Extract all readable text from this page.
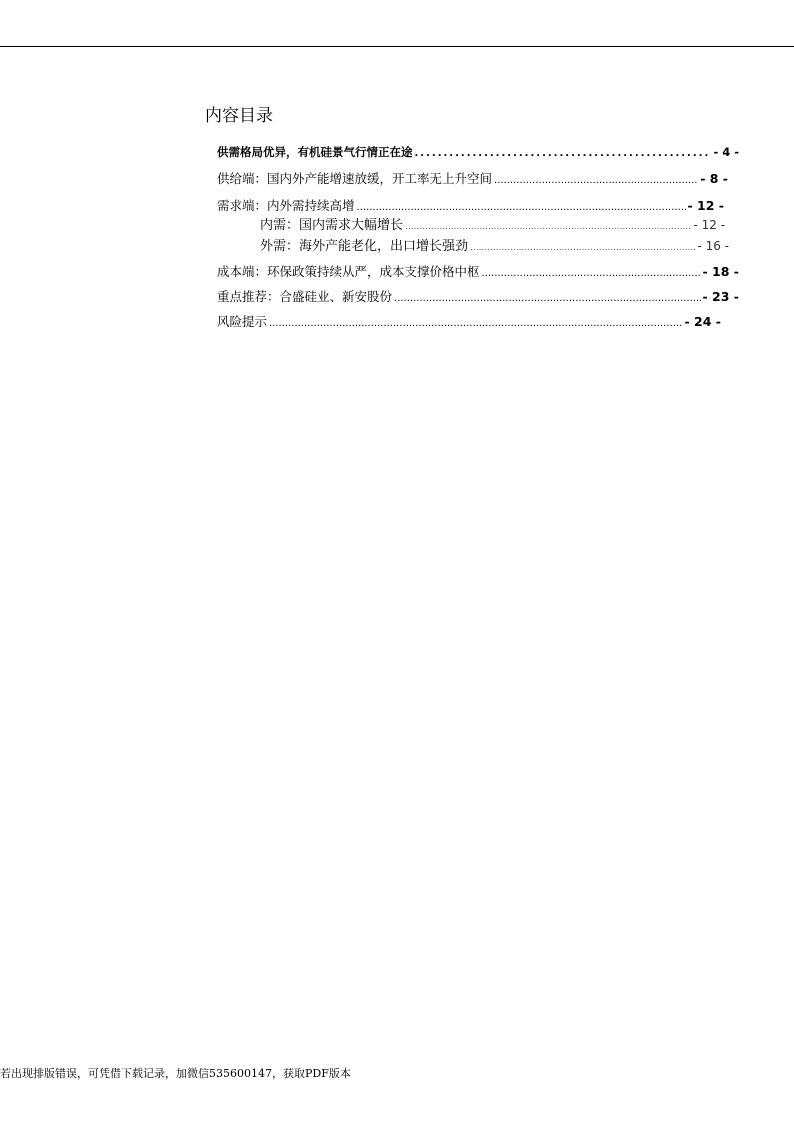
内容目录
供需格局优异，有机硅景气行情正在途 .....	- 4 -
供给端：国内外产能增速放缓，开工率无上升空间 .....	- 8 -
需求端：内外需持续高增 .....	- 12 -
内需：国内需求大幅增长 .....	- 12 -
外需：海外产能老化，出口增长强劲 .....	- 16 -
成本端：环保政策持续从严，成本支撑价格中枢 .....	- 18 -
重点推荐：合盛硅业、新安股份 .....	- 23 -
风险提示 .....	- 24 -
若出现排版错误，可凭借下载记录，加微信535600147，获取PDF版本
